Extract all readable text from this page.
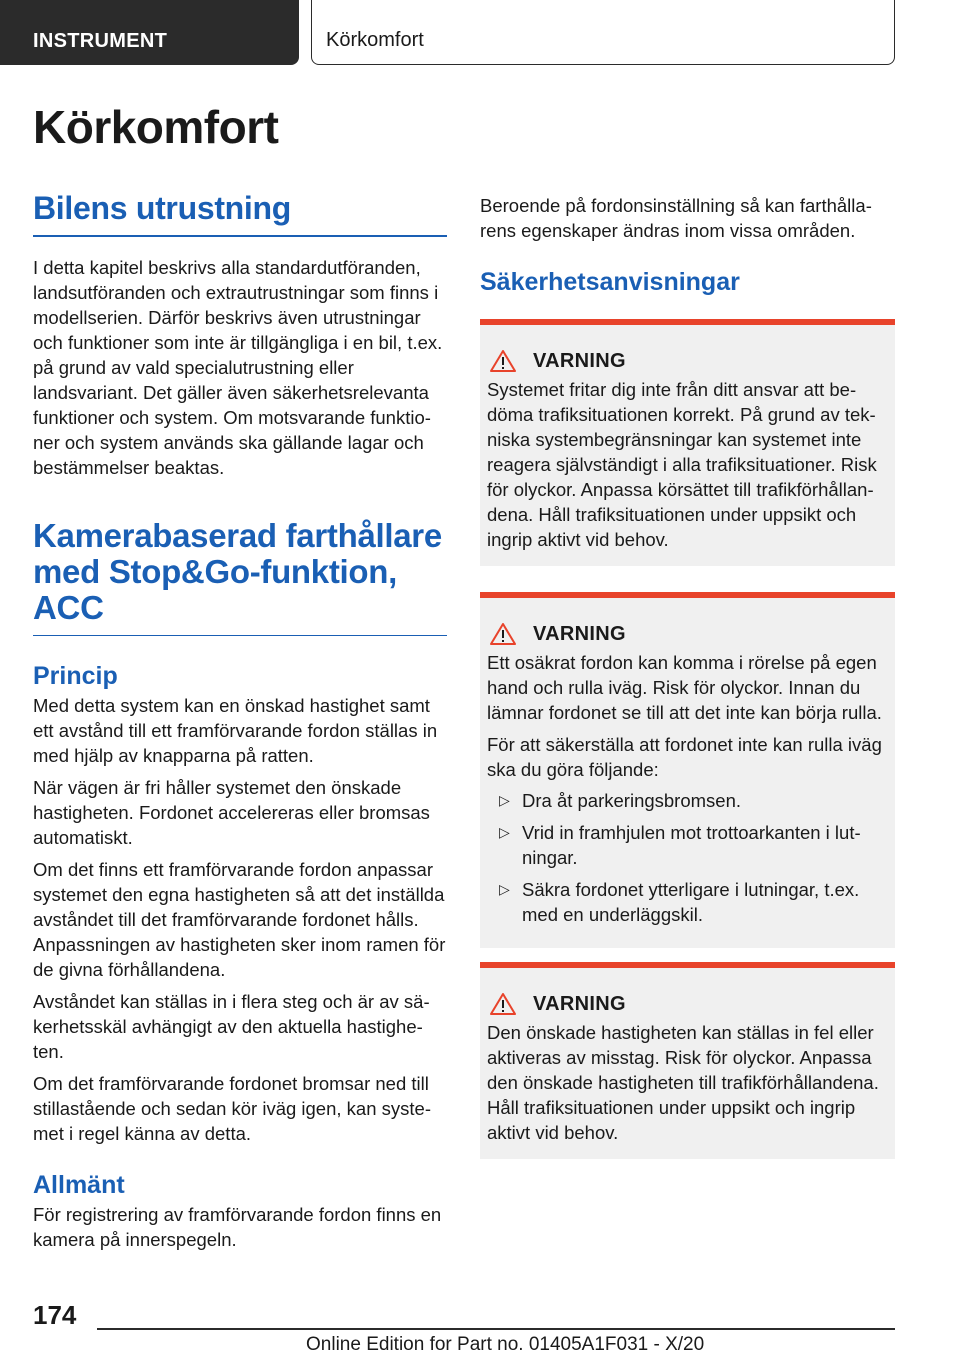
INSTRUMENT	Körkomfort
Körkomfort
Bilens utrustning

I detta kapitel beskrivs alla standardutföranden, landsutföranden och extrautrustningar som finns i modellserien. Därför beskrivs även utrustningar och funktioner som inte är tillgängliga i en bil, t.ex. på grund av vald specialutrustning eller landsvariant. Det gäller även säkerhetsrelevanta funktioner och system. Om motsvarande funktioner och system används ska gällande lagar och bestämmelser beaktas.

Kamerabaserad farthållare med Stop&Go-funktion, ACC
Princip

Med detta system kan en önskad hastighet samt ett avstånd till ett framförvarande fordon ställas in med hjälp av knapparna på ratten.

När vägen är fri håller systemet den önskade hastigheten. Fordonet accelereras eller bromsas automatiskt.

Om det finns ett framförvarande fordon anpassar systemet den egna hastigheten så att det inställda avståndet till det framförvarande fordonet hålls. Anpassningen av hastigheten sker inom ramen för de givna förhållandena.

Avståndet kan ställas in i flera steg och är av säkerhetsskäl avhängigt av den aktuella hastigheten.

Om det framförvarande fordonet bromsar ned till stillastående och sedan kör iväg igen, kan systemet i regel känna av detta.

Allmänt

För registrering av framförvarande fordon finns en kamera på innerspegeln.

Beroende på fordonsinställning så kan farthållarens egenskaper ändras inom vissa områden.

Säkerhetsanvisningar
VARNING

Systemet fritar dig inte från ditt ansvar att bedöma trafiksituationen korrekt. På grund av tekniska systembegränsningar kan systemet inte reagera självständigt i alla trafiksituationer. Risk för olyckor. Anpassa körsättet till trafikförhållandena. Håll trafiksituationen under uppsikt och ingrip aktivt vid behov.

VARNING

Ett osäkrat fordon kan komma i rörelse på egen hand och rulla iväg. Risk för olyckor. Innan du lämnar fordonet se till att det inte kan börja rulla.

För att säkerställa att fordonet inte kan rulla iväg ska du göra följande:

▷ Dra åt parkeringsbromsen.
▷ Vrid in framhjulen mot trottoarkanten i lutningar.
▷ Säkra fordonet ytterligare i lutningar, t.ex. med en underläggskil.
VARNING

Den önskade hastigheten kan ställas in fel eller aktiveras av misstag. Risk för olyckor. Anpassa den önskade hastigheten till trafikförhållandena. Håll trafiksituationen under uppsikt och ingrip aktivt vid behov.

174
Online Edition for Part no. 01405A1F031 - X/20
